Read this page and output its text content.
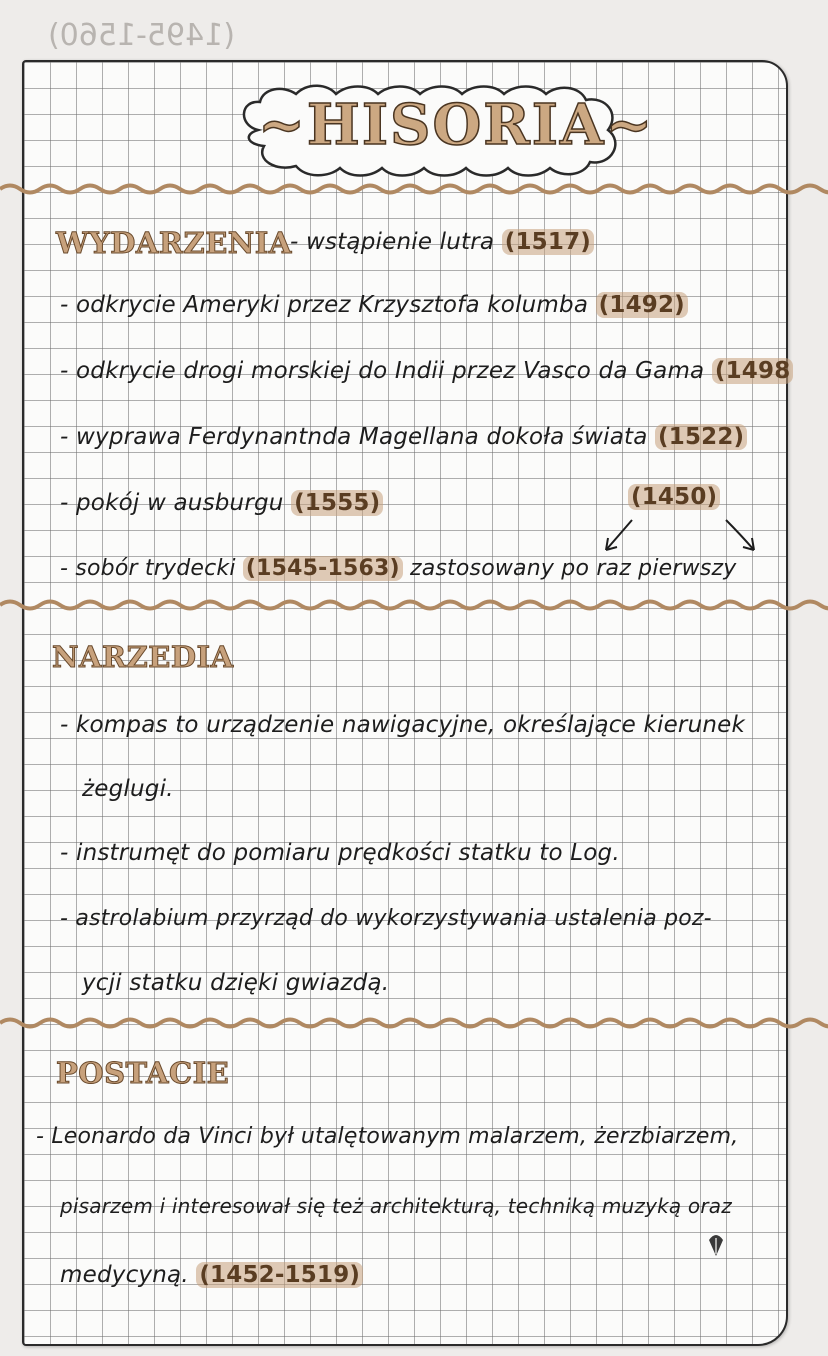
(1495-1560)
~HISORIA~
WYDARZENIA
- wstąpienie lutra (1517)
- odkrycie Ameryki przez Krzysztofa kolumba (1492)
- odkrycie drogi morskiej do Indii przez Vasco da Gama (1498
- wyprawa Ferdynantnda Magellana dokoła świata (1522)
- pokój w ausburgu (1555)	(1450)
- sobór trydecki (1545-1563) zastosowany po raz pierwszy
NARZEDIA
- kompas to urządzenie nawigacyjne, określające kierunek
żeglugi.
- instrumęt do pomiaru prędkości statku to Log.
- astrolabium przyrząd do wykorzystywania ustalenia poz-
ycji statku dzięki gwiazdą.
POSTACIE
- Leonardo da Vinci był utalętowanym malarzem, żerzbiarzem,
pisarzem i interesował się też architekturą, techniką muzyką oraz
medycyną. (1452-1519)
